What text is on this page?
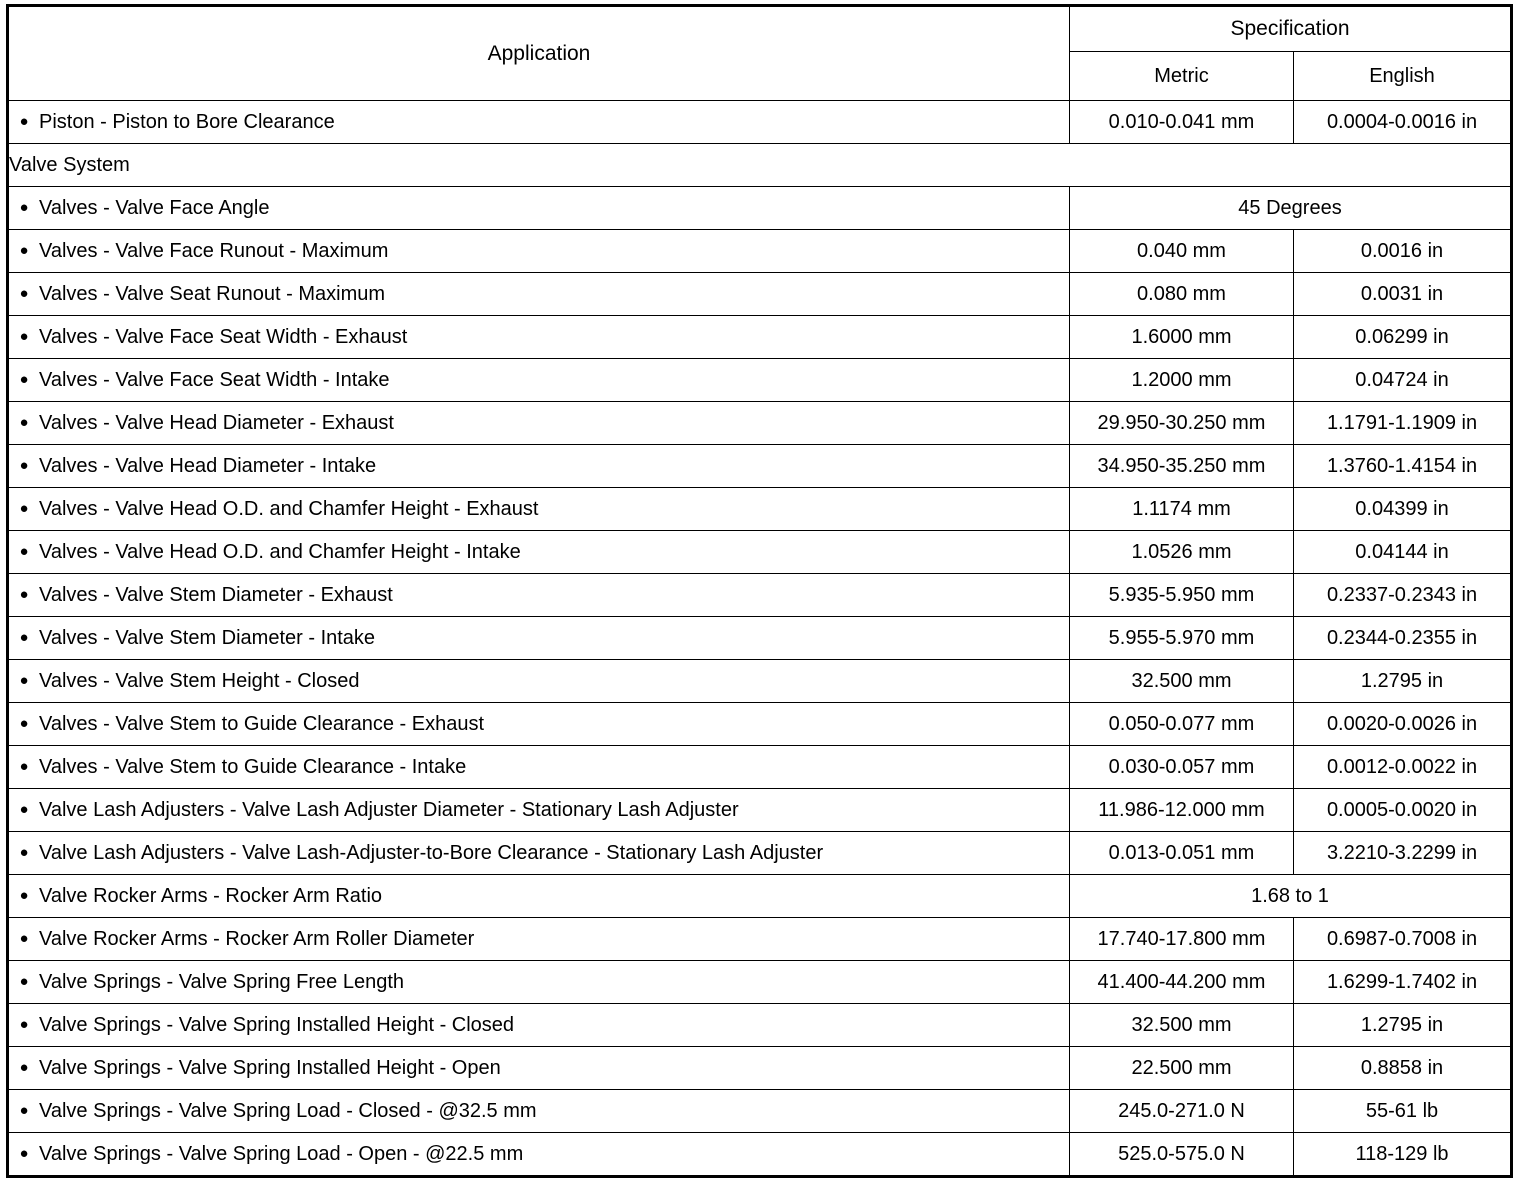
Application	Specification	
	Metric	English
● Piston - Piston to Bore Clearance	0.010-0.041 mm	0.0004-0.0016 in
Valve System		
● Valves - Valve Face Angle	45 Degrees	
● Valves - Valve Face Runout - Maximum	0.040 mm	0.0016 in
● Valves - Valve Seat Runout - Maximum	0.080 mm	0.0031 in
● Valves - Valve Face Seat Width - Exhaust	1.6000 mm	0.06299 in
● Valves - Valve Face Seat Width - Intake	1.2000 mm	0.04724 in
● Valves - Valve Head Diameter - Exhaust	29.950-30.250 mm	1.1791-1.1909 in
● Valves - Valve Head Diameter - Intake	34.950-35.250 mm	1.3760-1.4154 in
● Valves - Valve Head O.D. and Chamfer Height - Exhaust	1.1174 mm	0.04399 in
● Valves - Valve Head O.D. and Chamfer Height - Intake	1.0526 mm	0.04144 in
● Valves - Valve Stem Diameter - Exhaust	5.935-5.950 mm	0.2337-0.2343 in
● Valves - Valve Stem Diameter - Intake	5.955-5.970 mm	0.2344-0.2355 in
● Valves - Valve Stem Height - Closed	32.500 mm	1.2795 in
● Valves - Valve Stem to Guide Clearance - Exhaust	0.050-0.077 mm	0.0020-0.0026 in
● Valves - Valve Stem to Guide Clearance - Intake	0.030-0.057 mm	0.0012-0.0022 in
● Valve Lash Adjusters - Valve Lash Adjuster Diameter - Stationary Lash Adjuster	11.986-12.000 mm	0.0005-0.0020 in
● Valve Lash Adjusters - Valve Lash-Adjuster-to-Bore Clearance - Stationary Lash Adjuster	0.013-0.051 mm	3.2210-3.2299 in
● Valve Rocker Arms - Rocker Arm Ratio	1.68 to 1	
● Valve Rocker Arms - Rocker Arm Roller Diameter	17.740-17.800 mm	0.6987-0.7008 in
● Valve Springs - Valve Spring Free Length	41.400-44.200 mm	1.6299-1.7402 in
● Valve Springs - Valve Spring Installed Height - Closed	32.500 mm	1.2795 in
● Valve Springs - Valve Spring Installed Height - Open	22.500 mm	0.8858 in
● Valve Springs - Valve Spring Load - Closed - @32.5 mm	245.0-271.0 N	55-61 lb
● Valve Springs - Valve Spring Load - Open - @22.5 mm	525.0-575.0 N	118-129 lb
